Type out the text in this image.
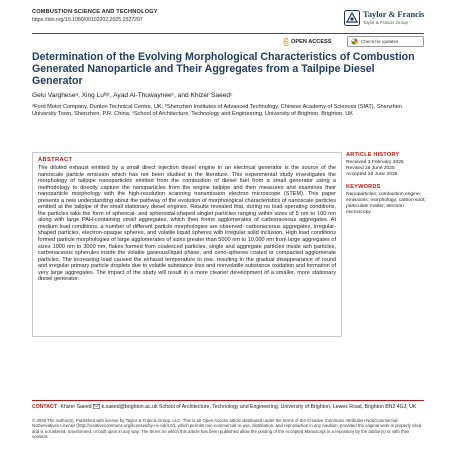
COMBUSTION SCIENCE AND TECHNOLOGY
https://doi.org/10.1080/00102202.2025.2527297
Taylor & Francis
Taylor & Francis Group
OPEN ACCESS	Check for updates
Determination of the Evolving Morphological Characteristics of Combustion Generated Nanoparticle and Their Aggregates from a Tailpipe Diesel Generator
Gelu Vargheseᵃ, Xing Luᵇʲᶜ, Ayad Al-Thuwayneeᶜ, and Khizer Saeedᶜ
ᵃFord Motor Company, Dunton Technical Centre, UK; ᵇShenzhen Institutes of Advanced Technology, Chinese Academy of Sciences (SIAT), Shenzhen University Town, Shenzhen, P.R. China; ᶜSchool of Architecture, Technology and Engineering, University of Brighton, Brighton, UK
ABSTRACT
The diluted exhaust emitted by a small direct injection diesel engine in an electrical generator is the source of the nanoscale particle emission which has not been studied in the literature. This experimental study investigates the morphology of tailpipe nanoparticles emitted from the combustion of diesel fuel from a small generator using a methodology to directly capture the nanoparticles from the engine tailpipe and then measures and examines their nanoparticle morphology with the high-resolution scanning transmission electron microscope (STEM). This paper presents a new understanding about the pathway of the evolution of morphological characteristics of nanoscale particles emitted at the tailpipe of the small stationary diesel engines. Results revealed that, during no load operating conditions, the particles take the form of spherical- and spheroidal-shaped singlet particles ranging within sizes of 5 nm to 100 nm along with large PAH-containing small aggregates, which then forms agglomerates of carbonaceous aggregates. At medium load conditions, a number of different particle morphologies are observed: carbonaceous aggregates, irregular-shaped particles, electron-opaque spheres, and volatile liquid spheres with irregular solid inclusion. High load conditions formed particle morphologies of large agglomerates of sizes greater than 5000 nm to 10,000 nm from large aggregates of sizes 1000 nm to 3000 nm, flakes formed from coalesced particles, single and aggregate particles inside ash particles, carbonaceous spherules inside the volatile gaseous/liquid phase, and ceno-spheres coated or compacted agglomerate particles. The increasing load caused the exhaust temperature to rise, resulting in the gradual disappearance of round and irregular primary particle droplets due to volatile substance loss and nonvolatile substance oxidation and formation of very large aggregates. The impact of the study will result in a more cleaner development of a smaller, more stationary diesel generator.
ARTICLE HISTORY
Received 3 February 2025
Revised 26 June 2025
Accepted 26 June 2025
KEYWORDS
Nanoparticles; combustion engine; emissions; morphology; carbon soot; particulate matter; electron microscopy
CONTACT Khizer Saeed k.saeed@brighton.ac.uk School of Architecture, Technology and Engineering, University of Brighton, Lewes Road, Brighton BN2 4GJ, UK
© 2025 The Author(s). Published with license by Taylor & Francis Group, LLC. This is an Open Access article distributed under the terms of the Creative Commons Attribution-NonCommercial-NoDerivatives License (http://creativecommons.org/licenses/by-nc-nd/4.0/), which permits non-commercial re-use, distribution, and reproduction in any medium, provided the original work is properly cited, and is not altered, transformed, or built upon in any way. The terms on which this article has been published allow the posting of the Accepted Manuscript in a repository by the author(s) or with their consent.
